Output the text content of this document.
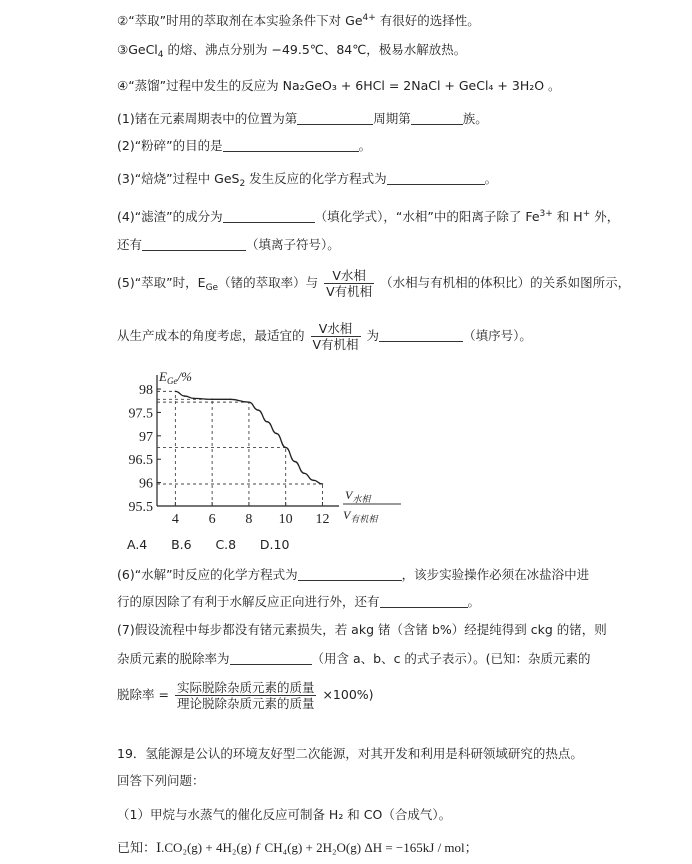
②“萃取”时用的萃取剂在本实验条件下对 $Ge^{4+}$ 有很好的选择性。
③GeCl$_4$ 的熔、沸点分别为 −49.5℃、84℃，极易水解放热。
④“蒸馏”过程中发生的反应为 Na₂GeO₃ + 6HCl = 2NaCl + GeCl₄ + 3H₂O 。
(1)锗在元素周期表中的位置为第	周期第	族。
(2)“粉碎”的目的是	。
(3)“焙烧”过程中 GeS$_2$ 发生反应的化学方程式为	。
(4)“滤渣”的成分为	（填化学式），“水相”中的阳离子除了 $Fe^{3+}$ 和 H+ 外，
还有	（填离子符号）。
(5)“萃取”时，$E_{Ge}$（锗的萃取率）与 $\frac{\text{V水相}}{\text{V有机相}}$ （水相与有机相的体积比）的关系如图所示，
从生产成本的角度考虑，最适宜的 $\frac{\text{V水相}}{\text{V有机相}}$ 为	（填序号）。
95.5
96
96.5
97
97.5
98
4 6 8 10 12
$E_{Ge}/\%$
$V_{水相}$
$V_{有机相}$
A.4      B.6      C.8      D.10
(6)“水解”时反应的化学方程式为	，该步实验操作必须在冰盐浴中进
行的原因除了有利于水解反应正向进行外，还有	。
(7)假设流程中每步都没有锗元素损失，若 akg 锗（含锗 b%）经提纯得到 ckg 的锗，则
杂质元素的脱除率为	（用含 a、b、c 的式子表示）。(已知：杂质元素的
脱除率 = $\frac{\text{实际脱除杂质元素的质量}}{\text{理论脱除杂质元素的质量}} \times 100\%$)
19．氢能源是公认的环境友好型二次能源，对其开发和利用是科研领域研究的热点。
回答下列问题：
（1）甲烷与水蒸气的催化反应可制备 H₂ 和 CO（合成气）。
已知：Ⅰ.CO₂(g) + 4H₂(g) ƒ CH₄(g) + 2H₂O(g) ΔH = −165kJ / mol；
